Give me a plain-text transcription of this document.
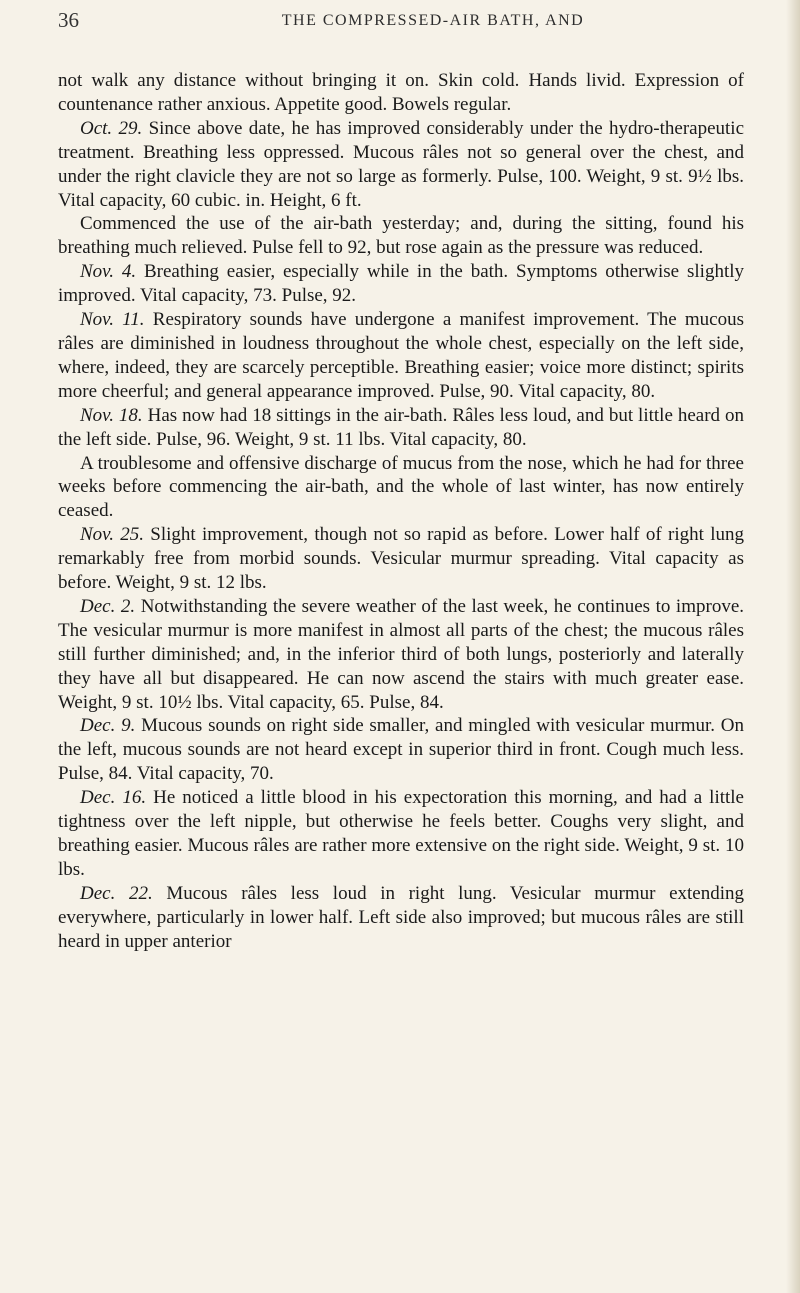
36	THE COMPRESSED-AIR BATH, AND

not walk any distance without bringing it on. Skin cold. Hands livid. Expression of countenance rather anxious. Appetite good. Bowels regular.

Oct. 29. Since above date, he has improved considerably under the hydro-therapeutic treatment. Breathing less oppressed. Mucous râles not so general over the chest, and under the right clavicle they are not so large as formerly. Pulse, 100. Weight, 9 st. 9½ lbs. Vital capacity, 60 cubic. in. Height, 6 ft.

Commenced the use of the air-bath yesterday; and, during the sitting, found his breathing much relieved. Pulse fell to 92, but rose again as the pressure was reduced.

Nov. 4. Breathing easier, especially while in the bath. Symptoms otherwise slightly improved. Vital capacity, 73. Pulse, 92.

Nov. 11. Respiratory sounds have undergone a manifest improvement. The mucous râles are diminished in loudness throughout the whole chest, especially on the left side, where, indeed, they are scarcely perceptible. Breathing easier; voice more distinct; spirits more cheerful; and general appearance improved. Pulse, 90. Vital capacity, 80.

Nov. 18. Has now had 18 sittings in the air-bath. Râles less loud, and but little heard on the left side. Pulse, 96. Weight, 9 st. 11 lbs. Vital capacity, 80.

A troublesome and offensive discharge of mucus from the nose, which he had for three weeks before commencing the air-bath, and the whole of last winter, has now entirely ceased.

Nov. 25. Slight improvement, though not so rapid as before. Lower half of right lung remarkably free from morbid sounds. Vesicular murmur spreading. Vital capacity as before. Weight, 9 st. 12 lbs.

Dec. 2. Notwithstanding the severe weather of the last week, he continues to improve. The vesicular murmur is more manifest in almost all parts of the chest; the mucous râles still further diminished; and, in the inferior third of both lungs, posteriorly and laterally they have all but disappeared. He can now ascend the stairs with much greater ease. Weight, 9 st. 10½ lbs. Vital capacity, 65. Pulse, 84.

Dec. 9. Mucous sounds on right side smaller, and mingled with vesicular murmur. On the left, mucous sounds are not heard except in superior third in front. Cough much less. Pulse, 84. Vital capacity, 70.

Dec. 16. He noticed a little blood in his expectoration this morning, and had a little tightness over the left nipple, but otherwise he feels better. Coughs very slight, and breathing easier. Mucous râles are rather more extensive on the right side. Weight, 9 st. 10 lbs.

Dec. 22. Mucous râles less loud in right lung. Vesicular murmur extending everywhere, particularly in lower half. Left side also improved; but mucous râles are still heard in upper anterior
